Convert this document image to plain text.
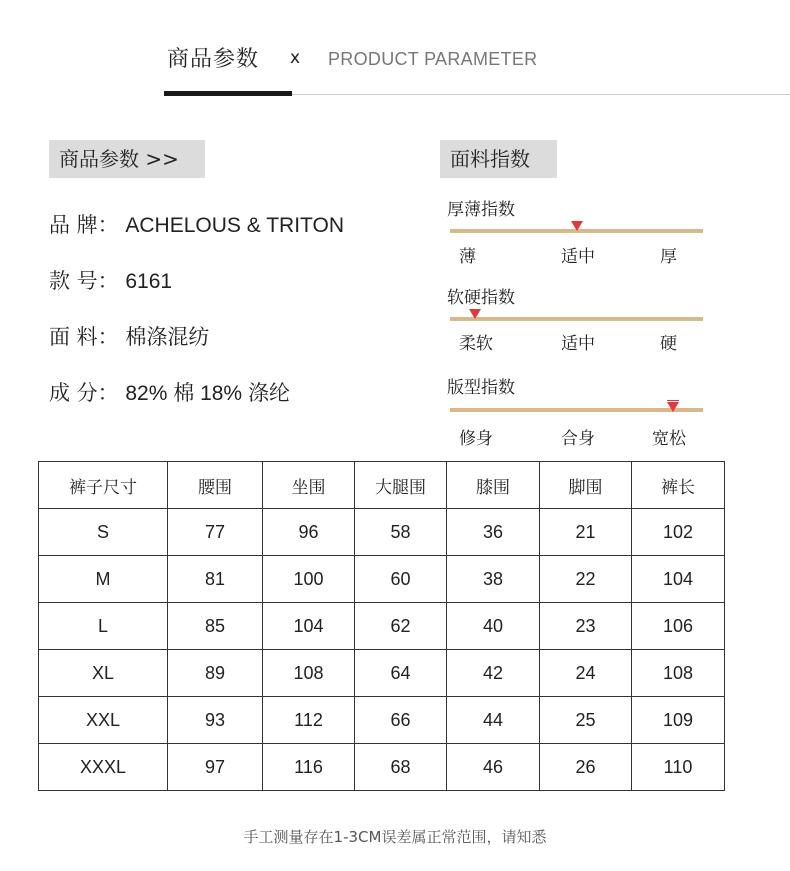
商品参数 x PRODUCT PARAMETER
商品参数 >>
品 牌： ACHELOUS & TRITON
款 号： 6161
面 料： 棉涤混纺
成 分： 82% 棉 18% 涤纶
面料指数
厚薄指数
薄	适中	厚
软硬指数
柔软	适中	硬
版型指数
修身	合身	宽松
裤子尺寸	腰围	坐围	大腿围	膝围	脚围	裤长
S	77	96	58	36	21	102
M	81	100	60	38	22	104
L	85	104	62	40	23	106
XL	89	108	64	42	24	108
XXL	93	112	66	44	25	109
XXXL	97	116	68	46	26	110
手工测量存在1-3CM误差属正常范围，请知悉
